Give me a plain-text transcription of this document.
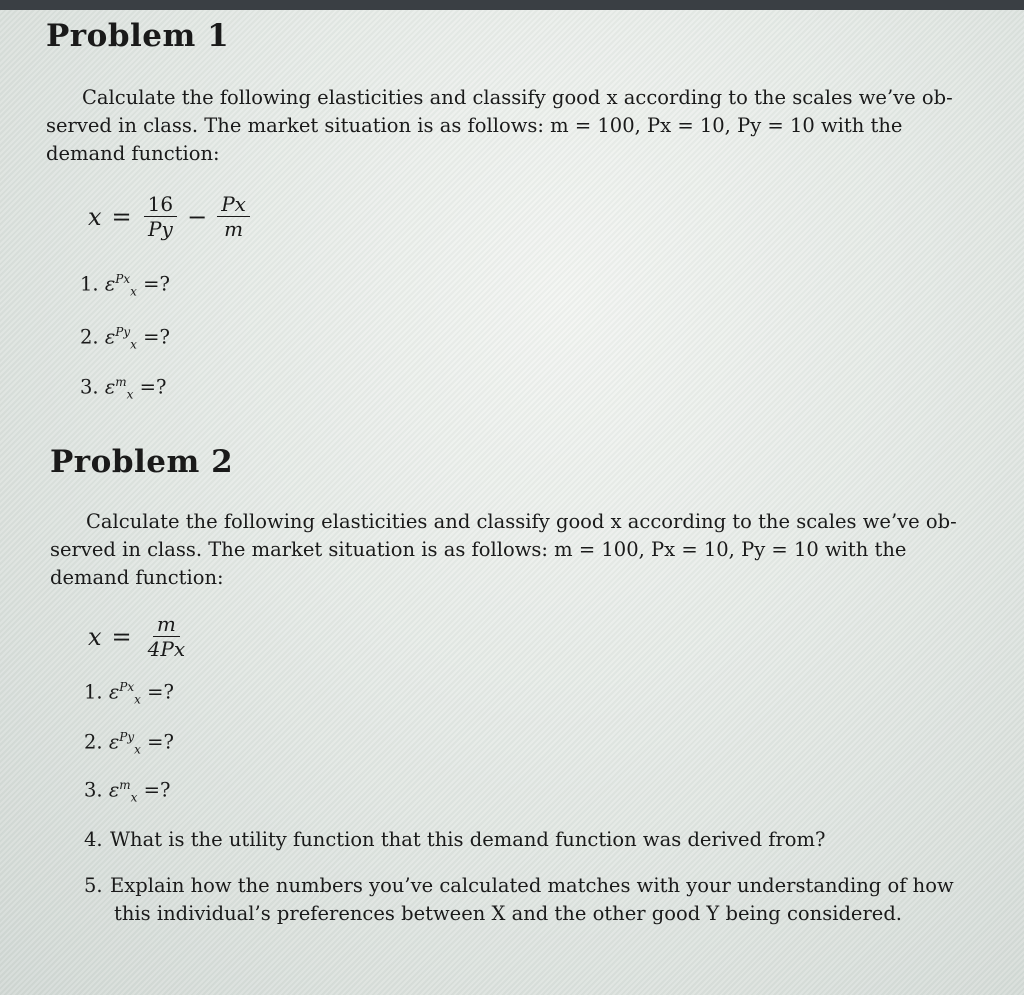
Problem 1
Calculate the following elasticities and classify good x according to the scales we’ve ob-
served in class. The market situation is as follows: m = 100, Px = 10, Py = 10 with the
demand function:
$x = \frac{16}{Py} - \frac{Px}{m}$
1. $\varepsilon^{Px}_x$ =?
2. $\varepsilon^{Py}_x$ =?
3. $\varepsilon^m_x$ =?
Problem 2
Calculate the following elasticities and classify good x according to the scales we’ve ob-
served in class. The market situation is as follows: m = 100, Px = 10, Py = 10 with the
demand function:
$x = \frac{m}{4Px}$
1. $\varepsilon^{Px}_x$ =?
2. $\varepsilon^{Py}_x$ =?
3. $\varepsilon^m_x$ =?
4. What is the utility function that this demand function was derived from?
5. Explain how the numbers you’ve calculated matches with your understanding of how
this individual’s preferences between X and the other good Y being considered.
